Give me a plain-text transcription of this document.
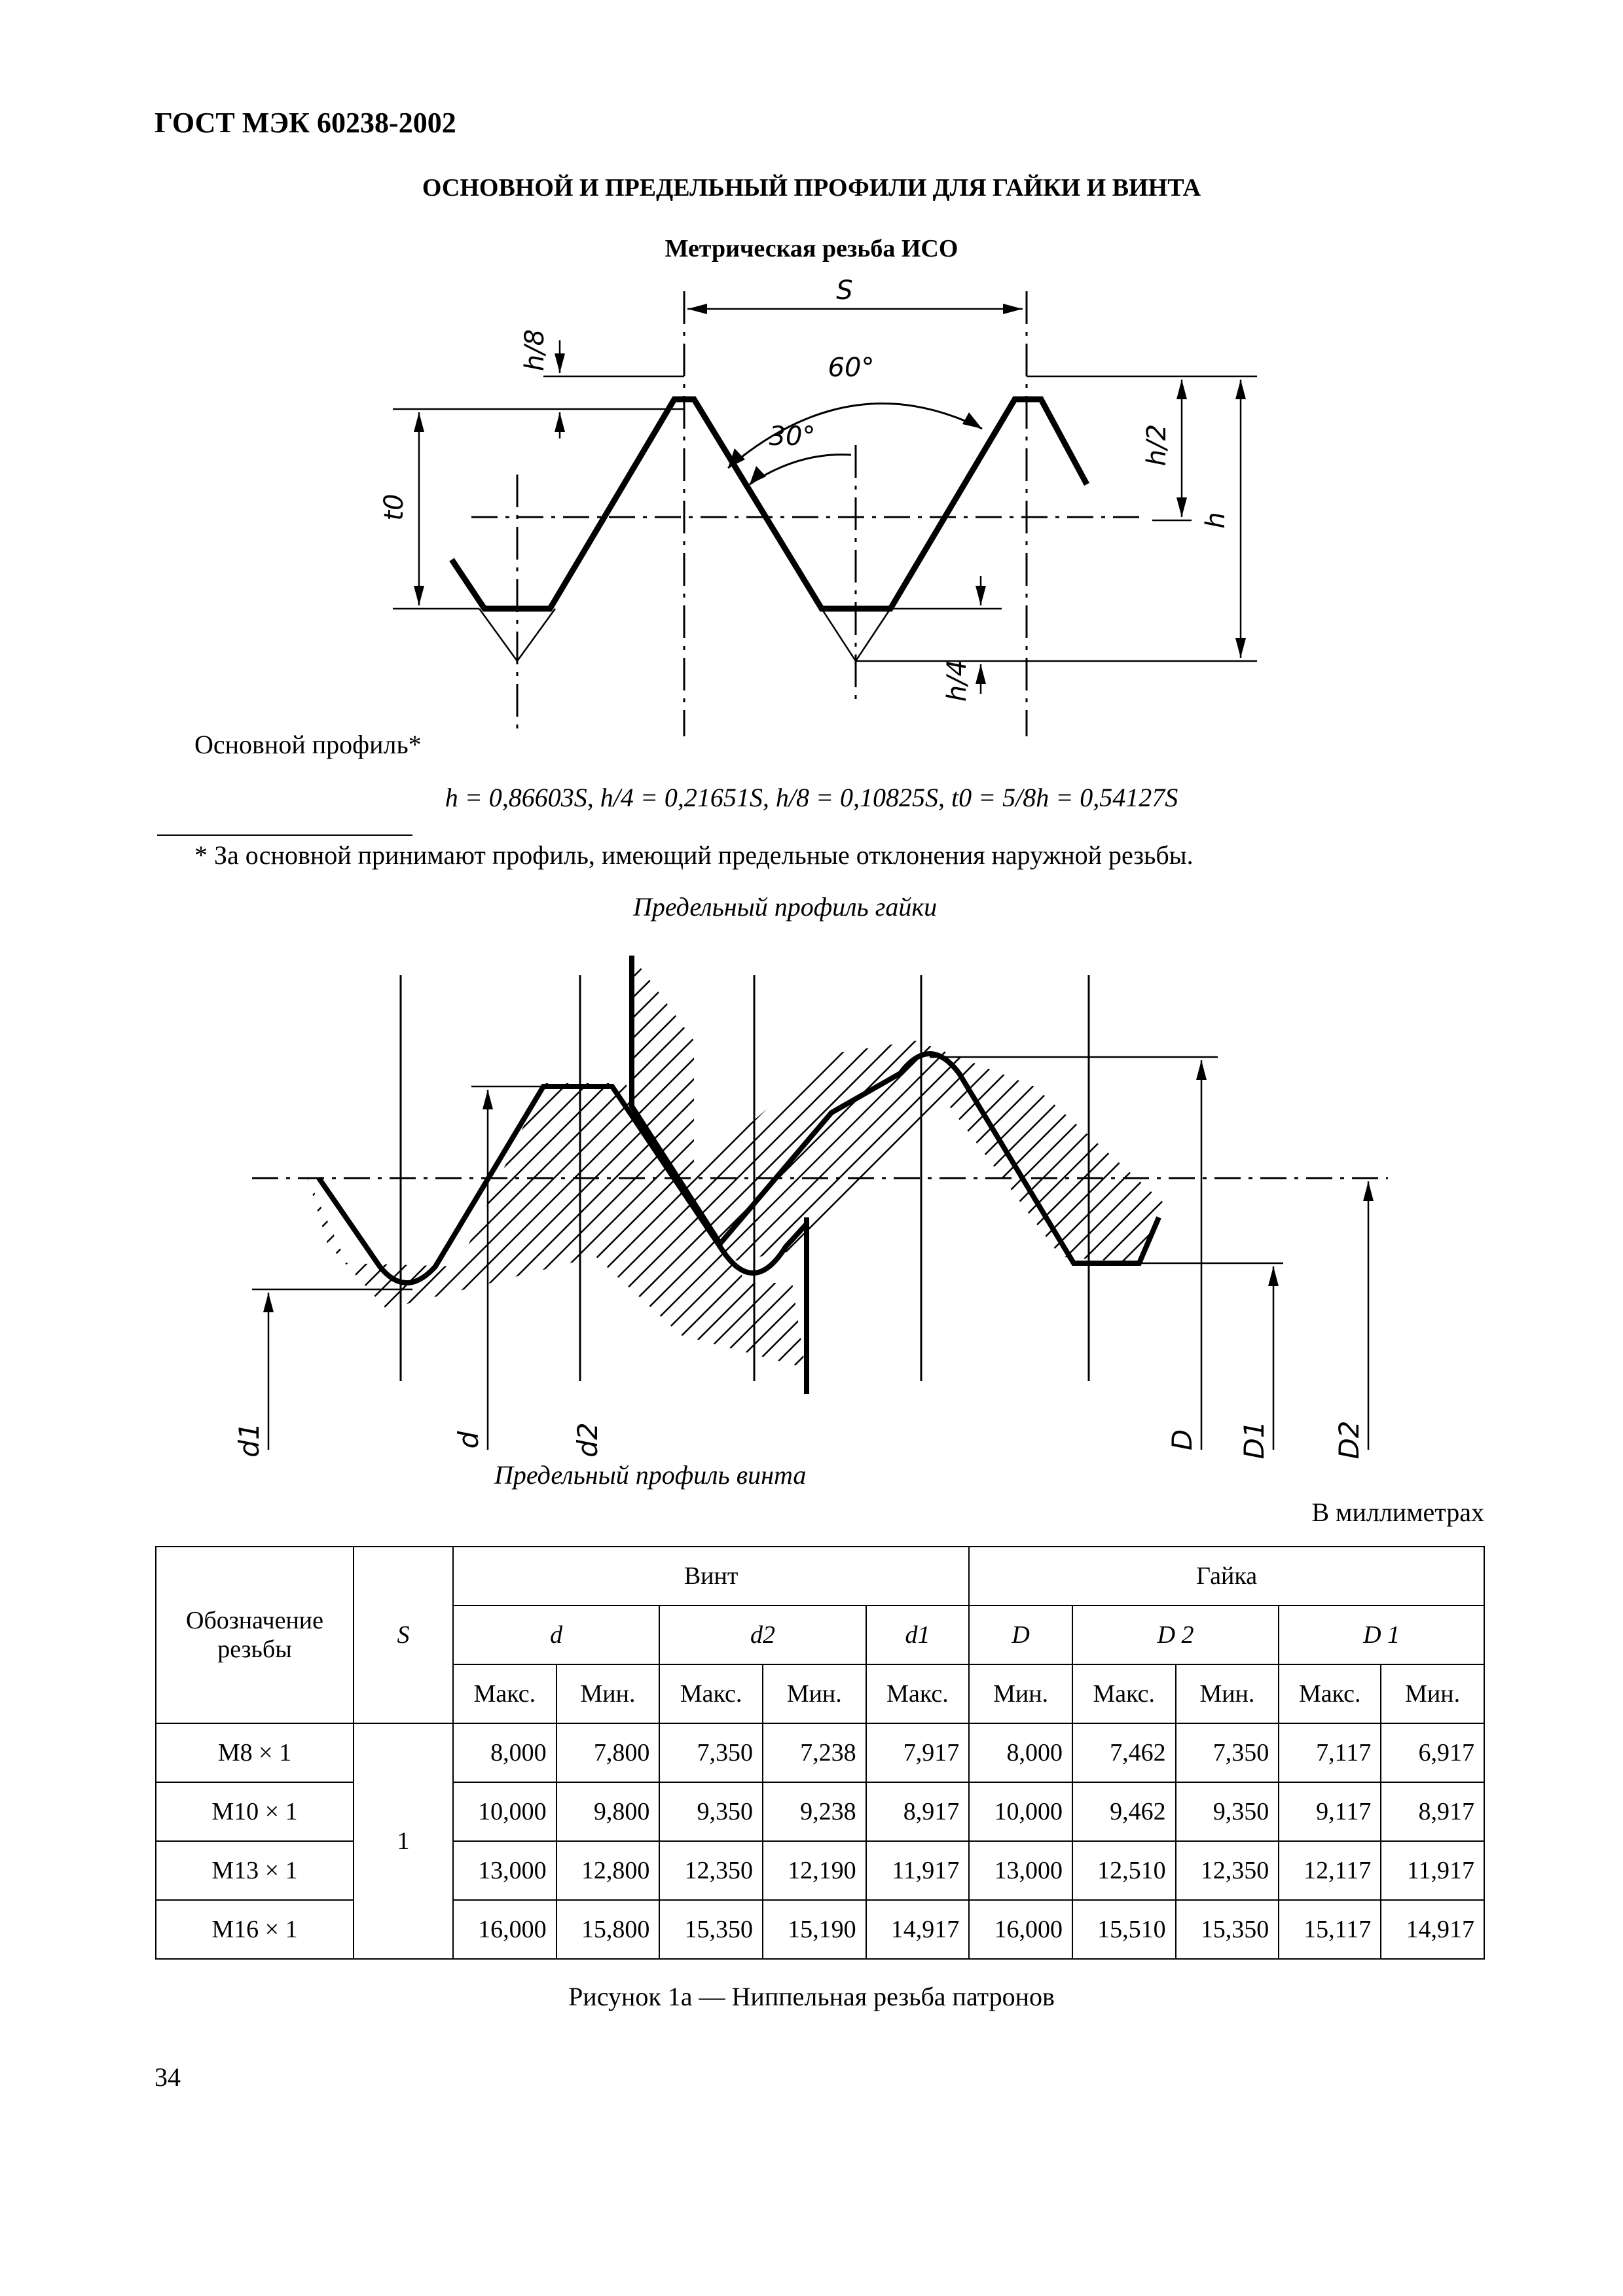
ГОСТ МЭК 60238-2002
ОСНОВНОЙ И ПРЕДЕЛЬНЫЙ ПРОФИЛИ ДЛЯ ГАЙКИ И ВИНТА
Метрическая резьба ИСО
S
60°
30°
h/8
t0
h/4
h/2
h
Основной профиль*
h = 0,86603S, h/4 = 0,21651S, h/8 = 0,10825S, t0 = 5/8h = 0,54127S
* За основной принимают профиль, имеющий предельные отклонения наружной резьбы.
Предельный профиль гайки
d1	d	d2	D D1 D2
Предельный профиль винта
В миллиметрах
Обозначение резьбы	S	Винт					Гайка				
		d		d2		d1	D	D 2		D 1	
		Макс.	Мин.	Макс.	Мин.	Макс.	Мин.	Макс.	Мин.	Макс.	Мин.
M8 × 1	1	8,000	7,800	7,350	7,238	7,917	8,000	7,462	7,350	7,117	6,917
M10 × 1		10,000	9,800	9,350	9,238	8,917	10,000	9,462	9,350	9,117	8,917
M13 × 1		13,000	12,800	12,350	12,190	11,917	13,000	12,510	12,350	12,117	11,917
M16 × 1		16,000	15,800	15,350	15,190	14,917	16,000	15,510	15,350	15,117	14,917
Рисунок 1а — Ниппельная резьба патронов
34
